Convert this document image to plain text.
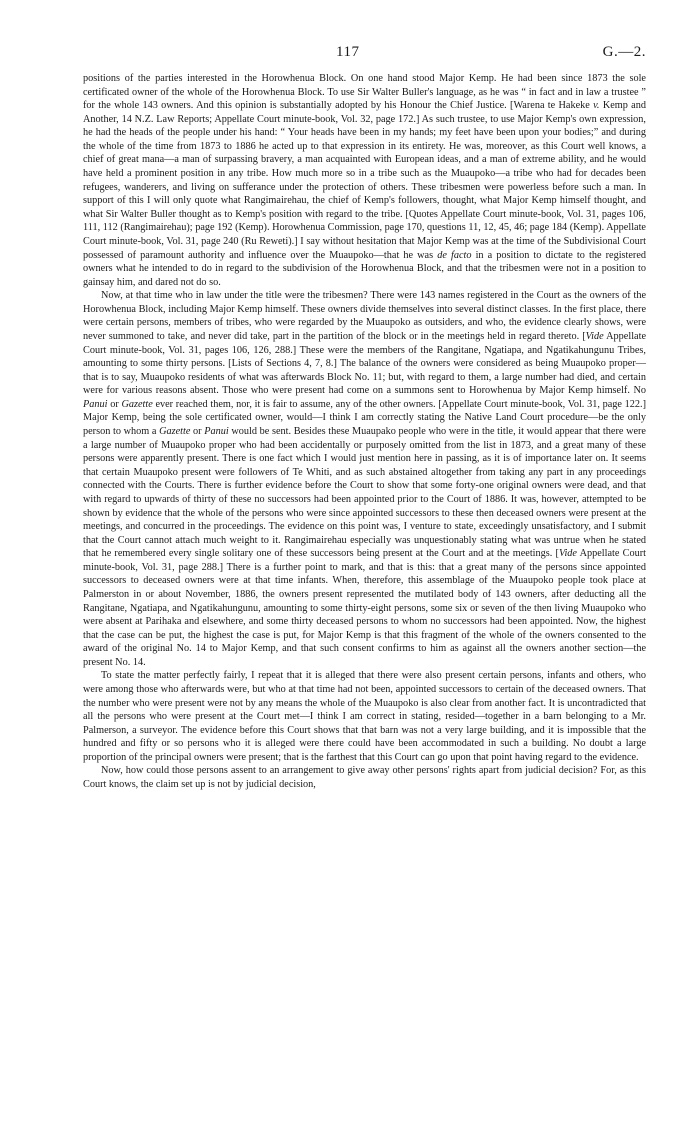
117	G.—2.

positions of the parties interested in the Horowhenua Block. On one hand stood Major Kemp. He had been since 1873 the sole certificated owner of the whole of the Horowhenua Block. To use Sir Walter Buller's language, as he was “ in fact and in law a trustee ” for the whole 143 owners. And this opinion is substantially adopted by his Honour the Chief Justice. [Warena te Hakeke v. Kemp and Another, 14 N.Z. Law Reports; Appellate Court minute-book, Vol. 32, page 172.] As such trustee, to use Major Kemp's own expression, he had the heads of the people under his hand: “ Your heads have been in my hands; my feet have been upon your bodies;” and during the whole of the time from 1873 to 1886 he acted up to that expression in its entirety. He was, moreover, as this Court well knows, a chief of great mana—a man of surpassing bravery, a man acquainted with European ideas, and a man of extreme ability, and he would have held a prominent position in any tribe. How much more so in a tribe such as the Muaupoko—a tribe who had for decades been refugees, wanderers, and living on sufferance under the protection of others. These tribesmen were powerless before such a man. In support of this I will only quote what Rangimairehau, the chief of Kemp's followers, thought, what Major Kemp himself thought, and what Sir Walter Buller thought as to Kemp's position with regard to the tribe. [Quotes Appellate Court minute-book, Vol. 31, pages 106, 111, 112 (Rangimairehau); page 192 (Kemp). Horowhenua Commission, page 170, questions 11, 12, 45, 46; page 184 (Kemp). Appellate Court minute-book, Vol. 31, page 240 (Ru Reweti).] I say without hesitation that Major Kemp was at the time of the Subdivisional Court possessed of paramount authority and influence over the Muaupoko—that he was de facto in a position to dictate to the registered owners what he intended to do in regard to the subdivision of the Horowhenua Block, and that the tribesmen were not in a position to gainsay him, and dared not do so.

Now, at that time who in law under the title were the tribesmen? There were 143 names registered in the Court as the owners of the Horowhenua Block, including Major Kemp himself. These owners divide themselves into several distinct classes. In the first place, there were certain persons, members of tribes, who were regarded by the Muaupoko as outsiders, and who, the evidence clearly shows, were never summoned to take, and never did take, part in the partition of the block or in the meetings held in regard thereto. [Vide Appellate Court minute-book, Vol. 31, pages 106, 126, 288.] These were the members of the Rangitane, Ngatiapa, and Ngatikahungunu Tribes, amounting to some thirty persons. [Lists of Sections 4, 7, 8.] The balance of the owners were considered as being Muaupoko proper—that is to say, Muaupoko residents of what was afterwards Block No. 11; but, with regard to them, a large number had died, and certain were for various reasons absent. Those who were present had come on a summons sent to Horowhenua by Major Kemp himself. No Panui or Gazette ever reached them, nor, it is fair to assume, any of the other owners. [Appellate Court minute-book, Vol. 31, page 122.] Major Kemp, being the sole certificated owner, would—I think I am correctly stating the Native Land Court procedure—be the only person to whom a Gazette or Panui would be sent. Besides these Muaupako people who were in the title, it would appear that there were a large number of Muaupoko proper who had been accidentally or purposely omitted from the list in 1873, and a great many of these persons were apparently present. There is one fact which I would just mention here in passing, as it is of importance later on. It seems that certain Muaupoko present were followers of Te Whiti, and as such abstained altogether from taking any part in any proceedings connected with the Courts. There is further evidence before the Court to show that some forty-one original owners were dead, and that with regard to upwards of thirty of these no successors had been appointed prior to the Court of 1886. It was, however, attempted to be shown by evidence that the whole of the persons who were since appointed successors to these then deceased owners were present at the meetings, and concurred in the proceedings. The evidence on this point was, I venture to state, exceedingly unsatisfactory, and I submit that the Court cannot attach much weight to it. Rangimairehau especially was unquestionably stating what was untrue when he stated that he remembered every single solitary one of these successors being present at the Court and at the meetings. [Vide Appellate Court minute-book, Vol. 31, page 288.] There is a further point to mark, and that is this: that a great many of the persons since appointed successors to deceased owners were at that time infants. When, therefore, this assemblage of the Muaupoko people took place at Palmerston in or about November, 1886, the owners present represented the mutilated body of 143 owners, after deducting all the Rangitane, Ngatiapa, and Ngatikahungunu, amounting to some thirty-eight persons, some six or seven of the then living Muaupoko who were absent at Parihaka and elsewhere, and some thirty deceased persons to whom no successors had been appointed. Now, the highest that the case can be put, the highest the case is put, for Major Kemp is that this fragment of the whole of the owners consented to the award of the original No. 14 to Major Kemp, and that such consent confirms to him as against all the owners another section—the present No. 14.

To state the matter perfectly fairly, I repeat that it is alleged that there were also present certain persons, infants and others, who were among those who afterwards were, but who at that time had not been, appointed successors to certain of the deceased owners. That the number who were present were not by any means the whole of the Muaupoko is also clear from another fact. It is uncontradicted that all the persons who were present at the Court met—I think I am correct in stating, resided—together in a barn belonging to a Mr. Palmerson, a surveyor. The evidence before this Court shows that that barn was not a very large building, and it is impossible that the hundred and fifty or so persons who it is alleged were there could have been accommodated in such a building. No doubt a large proportion of the principal owners were present; that is the farthest that this Court can go upon that point having regard to the evidence.

Now, how could those persons assent to an arrangement to give away other persons' rights apart from judicial decision? For, as this Court knows, the claim set up is not by judicial decision,
